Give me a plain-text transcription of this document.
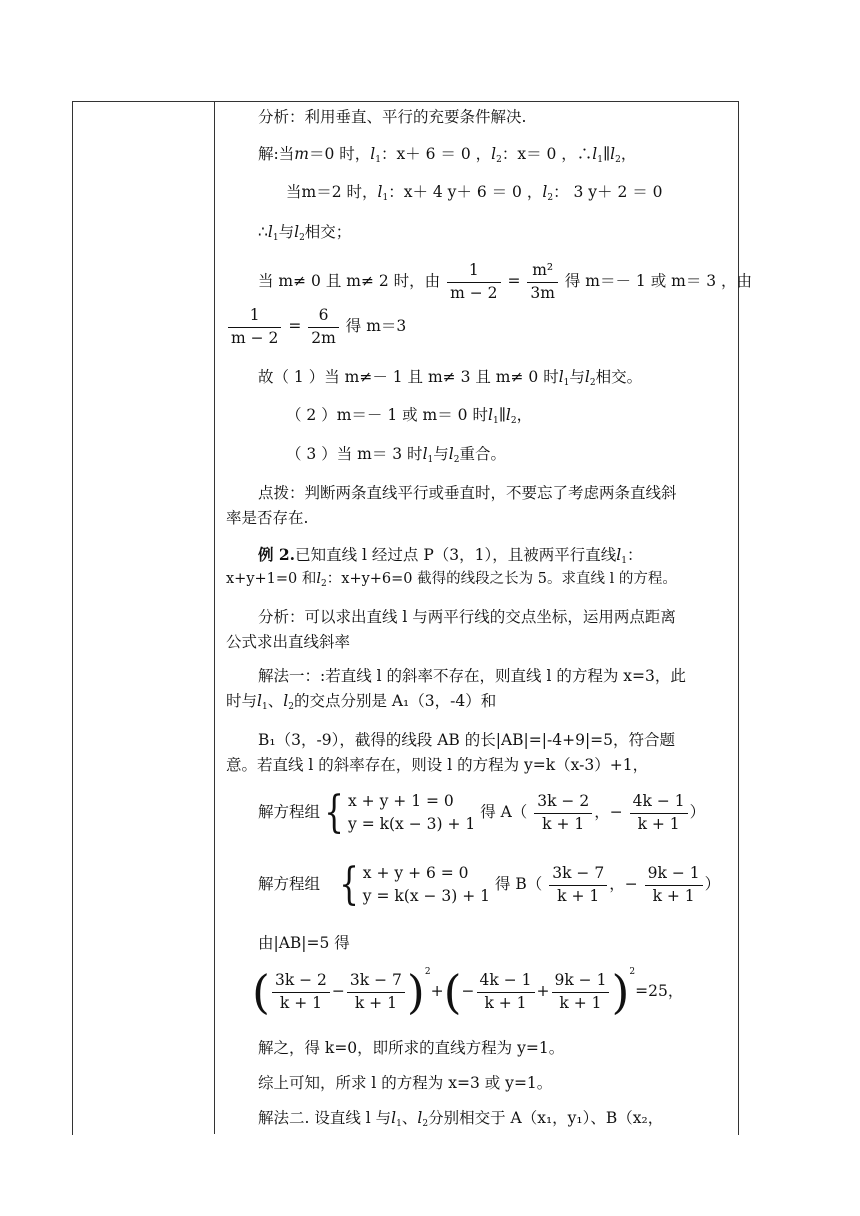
分析：利用垂直、平行的充要条件解决.
解:当m＝0 时，$l_1$：x＋ 6 ＝ 0 ，$l_2$：x＝ 0 ，$\therefore l_1\parallel l_2$，
当m＝2 时，$l_1$：x＋ 4 y＋ 6 ＝ 0 ，$l_2$： 3 y＋ 2 ＝ 0
$\therefore l_1$与$l_2$相交；
当 m≠ 0 且 m≠ 2 时，由 $\frac{1}{m - 2} = \frac{\text{m²}}{3m}$ 得 m＝－ 1 或 m＝ 3 ，由
$\frac{1}{m - 2} = \frac{6}{2m}$ 得 m＝3
故（ 1 ）当 m≠－ 1 且 m≠ 3 且 m≠ 0 时$l_1$与$l_2$相交。
（ 2 ）m＝－ 1 或 m＝ 0 时$l_1\parallel l_2$，
（ 3 ）当 m＝ 3 时$l_1$与$l_2$重合。
点拨：判断两条直线平行或垂直时，不要忘了考虑两条直线斜
率是否存在.
例 2.已知直线 l 经过点 P（3，1），且被两平行直线$l_1$：
x+y+1=0 和$l_2$：x+y+6=0 截得的线段之长为 5。求直线 l 的方程。
分析：可以求出直线 l 与两平行线的交点坐标，运用两点距离
公式求出直线斜率
解法一：:若直线 l 的斜率不存在，则直线 l 的方程为 x=3，此
时与$l_1$、$l_2$的交点分别是 A₁（3，-4）和
B₁（3，-9），截得的线段 AB 的长|AB|=|-4+9|=5，符合题
意。若直线 l 的斜率存在，则设 l 的方程为 y=k（x-3）+1，
解方程组{ x + y + 1 = 0
y = k(x − 3) + 1 得 $A( \frac{3k - 2}{k + 1}$ ，− $\frac{4k - 1}{k + 1}$ ）
解方程组 { x + y + 6 = 0
y = k(x − 3) + 1 得 $B( \frac{3k - 7}{k + 1}$ ，− $\frac{9k - 1}{k + 1}$ ）
由|AB|=5 得
( $\frac{3k - 2}{k + 1} - \frac{3k - 7}{k + 1} )^2+(- \frac{4k - 1}{k + 1} + \frac{9k - 1}{k + 1} )^2=25$，
解之，得 k=0，即所求的直线方程为 y=1。
综上可知，所求 l 的方程为 x=3 或 y=1。
解法二. 设直线 l 与$l_1$、$l_2$分别相交于 A（x₁，y₁）、B（x₂，
